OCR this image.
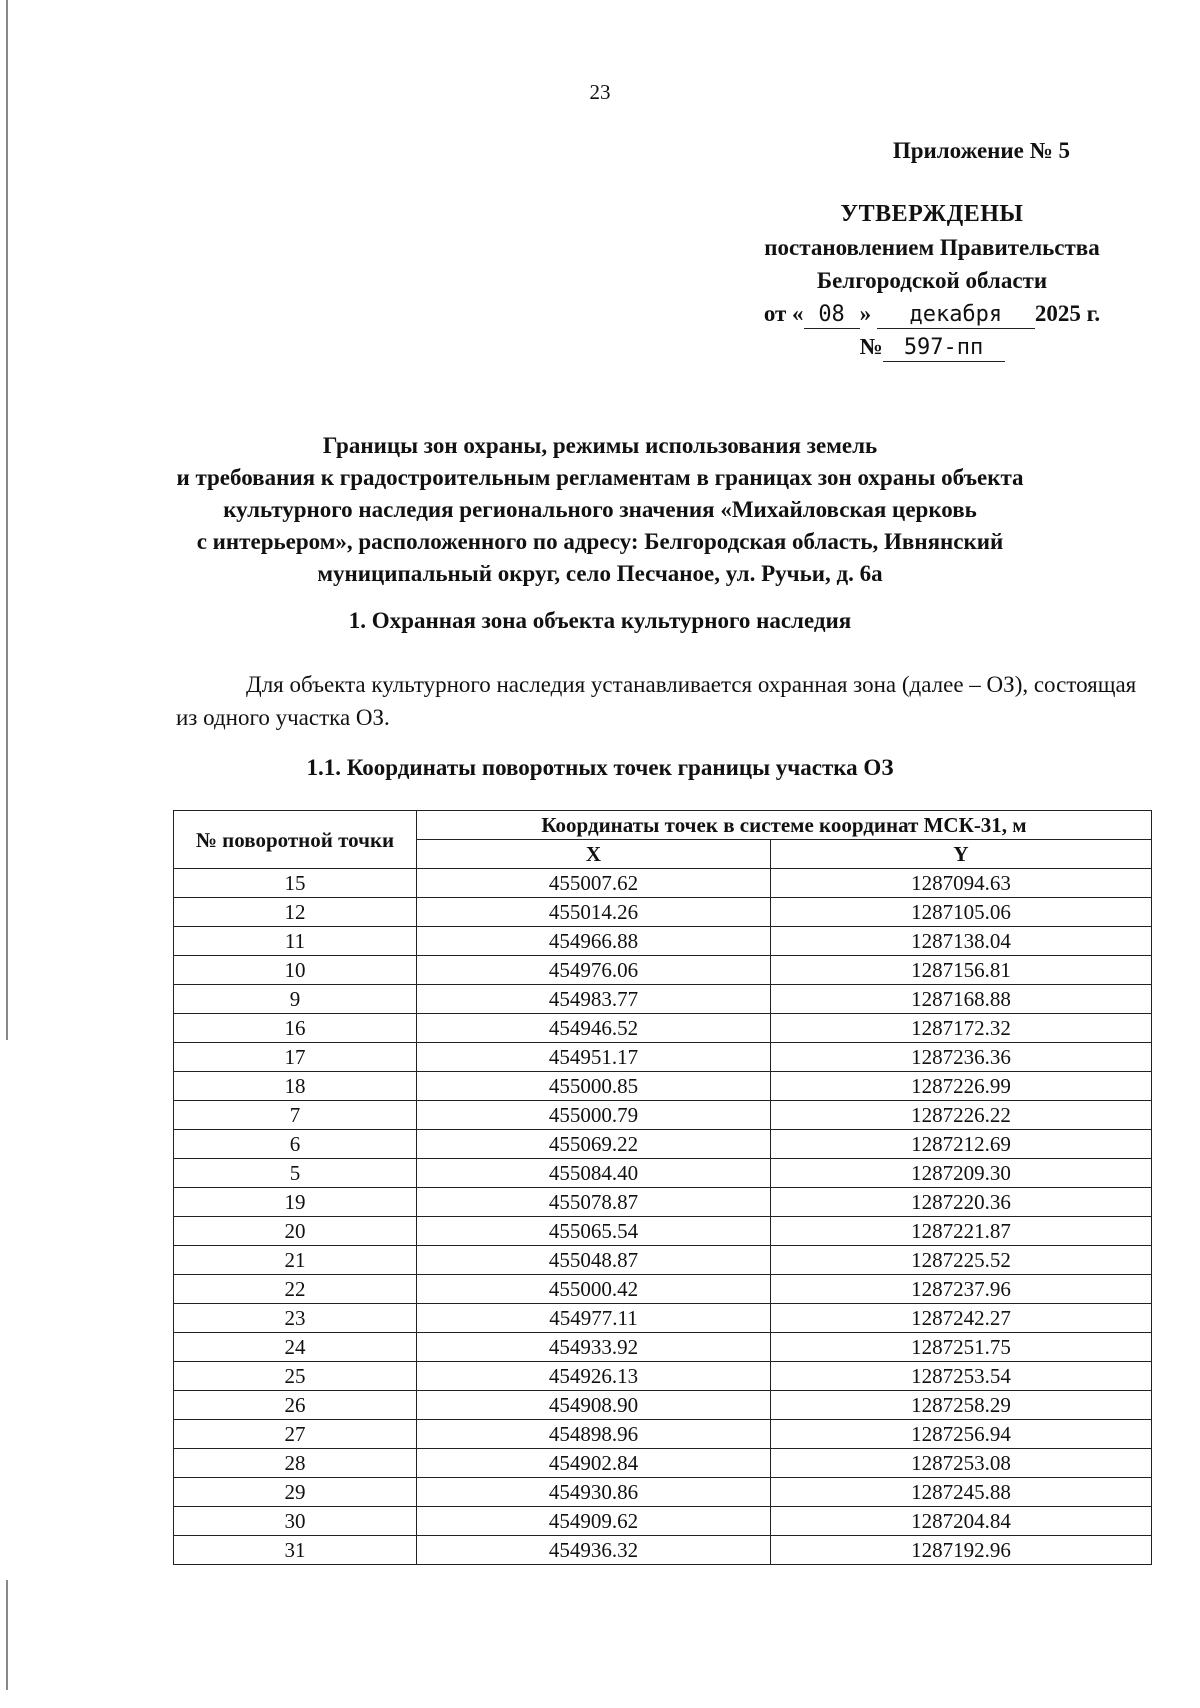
23
Приложение № 5
УТВЕРЖДЕНЫ
постановлением Правительства
Белгородской области
от « 08 » декабря 2025 г.
№ 597-пп
Границы зон охраны, режимы использования земель
и требования к градостроительным регламентам в границах зон охраны объекта
культурного наследия регионального значения «Михайловская церковь
с интерьером», расположенного по адресу: Белгородская область, Ивнянский
муниципальный округ, село Песчаное, ул. Ручьи, д. 6а
1. Охранная зона объекта культурного наследия
Для объекта культурного наследия устанавливается охранная зона (далее – ОЗ), состоящая из одного участка ОЗ.
1.1. Координаты поворотных точек границы участка ОЗ
№ поворотной точки	Координаты точек в системе координат МСК-31, м	
	X	Y
15	455007.62	1287094.63
12	455014.26	1287105.06
11	454966.88	1287138.04
10	454976.06	1287156.81
9	454983.77	1287168.88
16	454946.52	1287172.32
17	454951.17	1287236.36
18	455000.85	1287226.99
7	455000.79	1287226.22
6	455069.22	1287212.69
5	455084.40	1287209.30
19	455078.87	1287220.36
20	455065.54	1287221.87
21	455048.87	1287225.52
22	455000.42	1287237.96
23	454977.11	1287242.27
24	454933.92	1287251.75
25	454926.13	1287253.54
26	454908.90	1287258.29
27	454898.96	1287256.94
28	454902.84	1287253.08
29	454930.86	1287245.88
30	454909.62	1287204.84
31	454936.32	1287192.96
